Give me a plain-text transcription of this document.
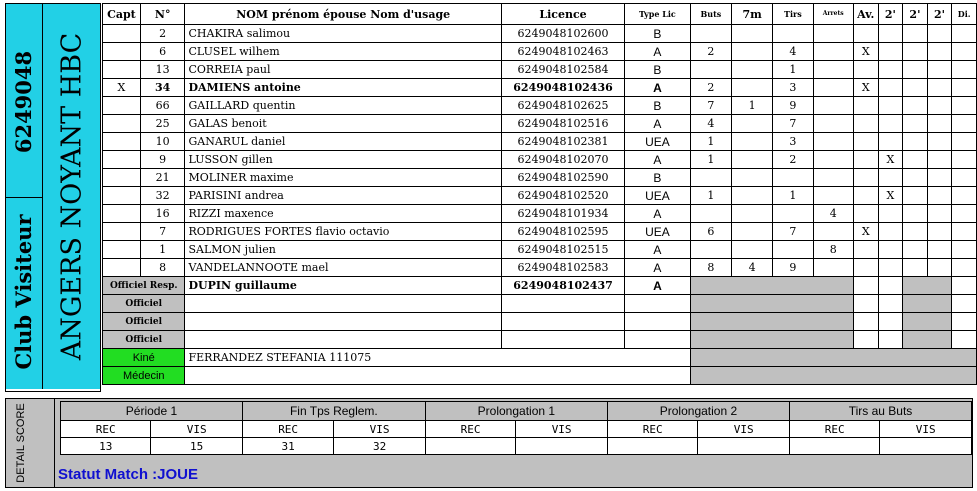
6249048
Club Visiteur ANGERS NOYANT HBC
Capt	N°	NOM prénom épouse Nom d'usage	Licence	Type Lic	Buts	7m	Tirs	Arrets	Av.	2'	2'	2'	Di.
	2	CHAKIRA salimou	6249048102600	B									
	6	CLUSEL wilhem	6249048102463	A	2		4		X				
	13	CORREIA paul	6249048102584	B			1						
X	34	DAMIENS antoine	6249048102436	A	2		3		X				
	66	GAILLARD quentin	6249048102625	B	7	1	9						
	25	GALAS benoit	6249048102516	A	4		7						
	10	GANARUL daniel	6249048102381	UEA	1		3						
	9	LUSSON gillen	6249048102070	A	1		2			X			
	21	MOLINER maxime	6249048102590	B									
	32	PARISINI andrea	6249048102520	UEA	1		1			X			
	16	RIZZI maxence	6249048101934	A				4					
	7	RODRIGUES FORTES flavio octavio	6249048102595	UEA	6		7		X				
	1	SALMON julien	6249048102515	A				8					
	8	VANDELANNOOTE mael	6249048102583	A	8	4	9						
Officiel Resp.		DUPIN guillaume	6249048102437	A									
Officiel													
Officiel													
Officiel													
Kiné		FERRANDEZ STEFANIA 111075											
Médecin													
DETAIL SCORE	Période 1		Fin Tps Reglem.		Prolongation 1		Prolongation 2		Tirs au Buts	
REC	VIS	REC	VIS	REC	VIS	REC	VIS	REC	VIS
13	15	31	32						
Statut Match :JOUE
